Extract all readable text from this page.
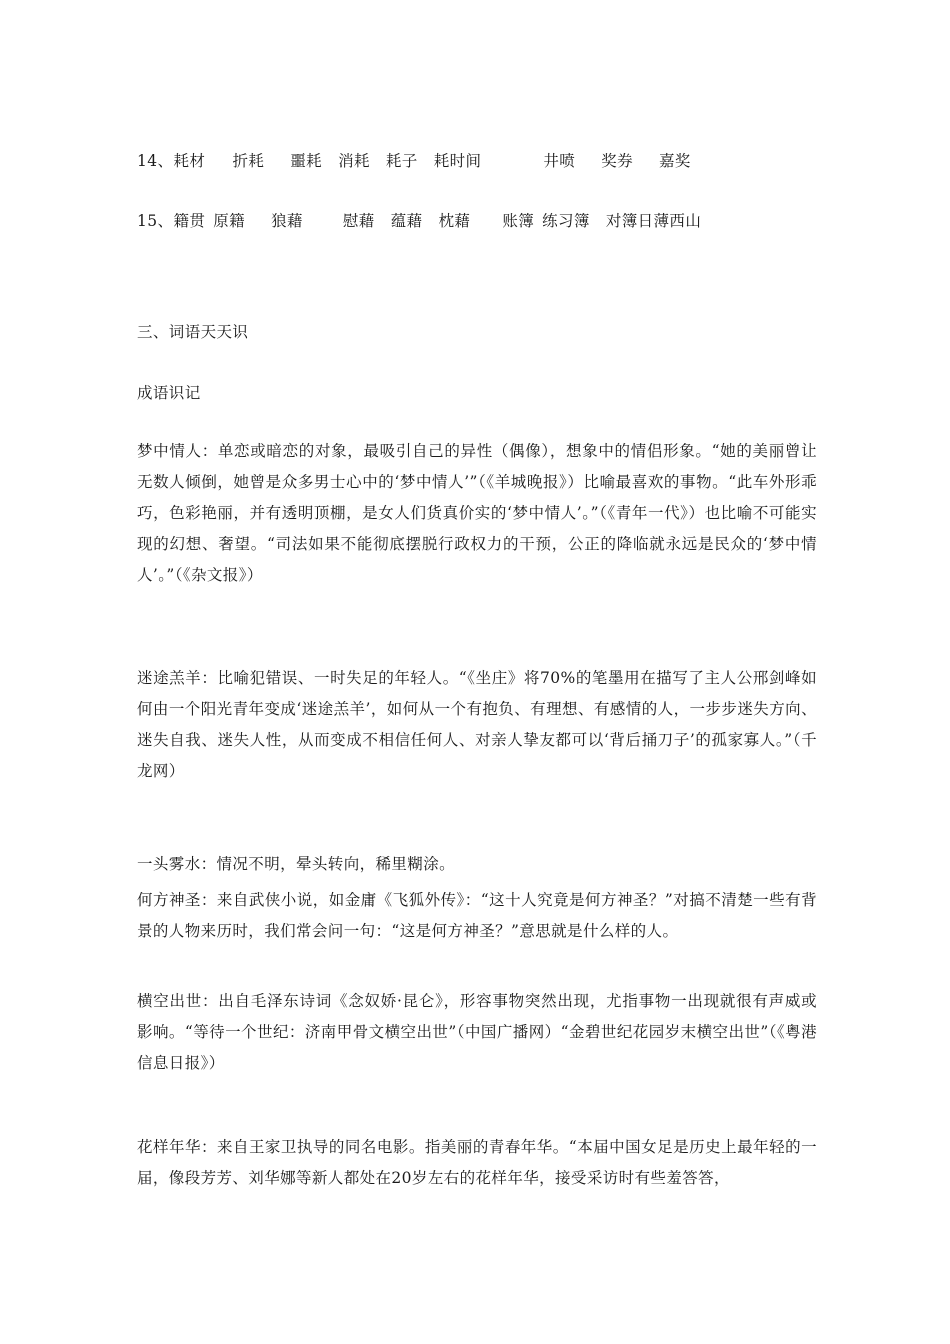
14、耗材 折耗 噩耗 消耗 耗子 耗时间	井喷 奖券 嘉奖
15、籍贯 原籍 狼藉	慰藉 蕴藉 枕藉 账簿 练习簿 对簿日薄西山
三、词语天天识
成语识记
梦中情人：单恋或暗恋的对象，最吸引自己的异性（偶像），想象中的情侣形象。“她的美丽曾让无数人倾倒，她曾是众多男士心中的‘梦中情人’”（《羊城晚报》）比喻最喜欢的事物。“此车外形乖巧，色彩艳丽，并有透明顶棚，是女人们货真价实的‘梦中情人’。”（《青年一代》）也比喻不可能实现的幻想、奢望。“司法如果不能彻底摆脱行政权力的干预，公正的降临就永远是民众的‘梦中情人’。”（《杂文报》）
迷途羔羊：比喻犯错误、一时失足的年轻人。“《坐庄》将70%的笔墨用在描写了主人公邢剑峰如何由一个阳光青年变成‘迷途羔羊’，如何从一个有抱负、有理想、有感情的人，一步步迷失方向、迷失自我、迷失人性，从而变成不相信任何人、对亲人挚友都可以‘背后捅刀子’的孤家寡人。”（千龙网）
一头雾水：情况不明，晕头转向，稀里糊涂。
何方神圣：来自武侠小说，如金庸《飞狐外传》：“这十人究竟是何方神圣？”对搞不清楚一些有背景的人物来历时，我们常会问一句：“这是何方神圣？”意思就是什么样的人。
横空出世：出自毛泽东诗词《念奴娇·昆仑》，形容事物突然出现，尤指事物一出现就很有声威或影响。“等待一个世纪：济南甲骨文横空出世”（中国广播网）“金碧世纪花园岁末横空出世”（《粤港信息日报》）
花样年华：来自王家卫执导的同名电影。指美丽的青春年华。“本届中国女足是历史上最年轻的一届，像段芳芳、刘华娜等新人都处在20岁左右的花样年华，接受采访时有些羞答答，
